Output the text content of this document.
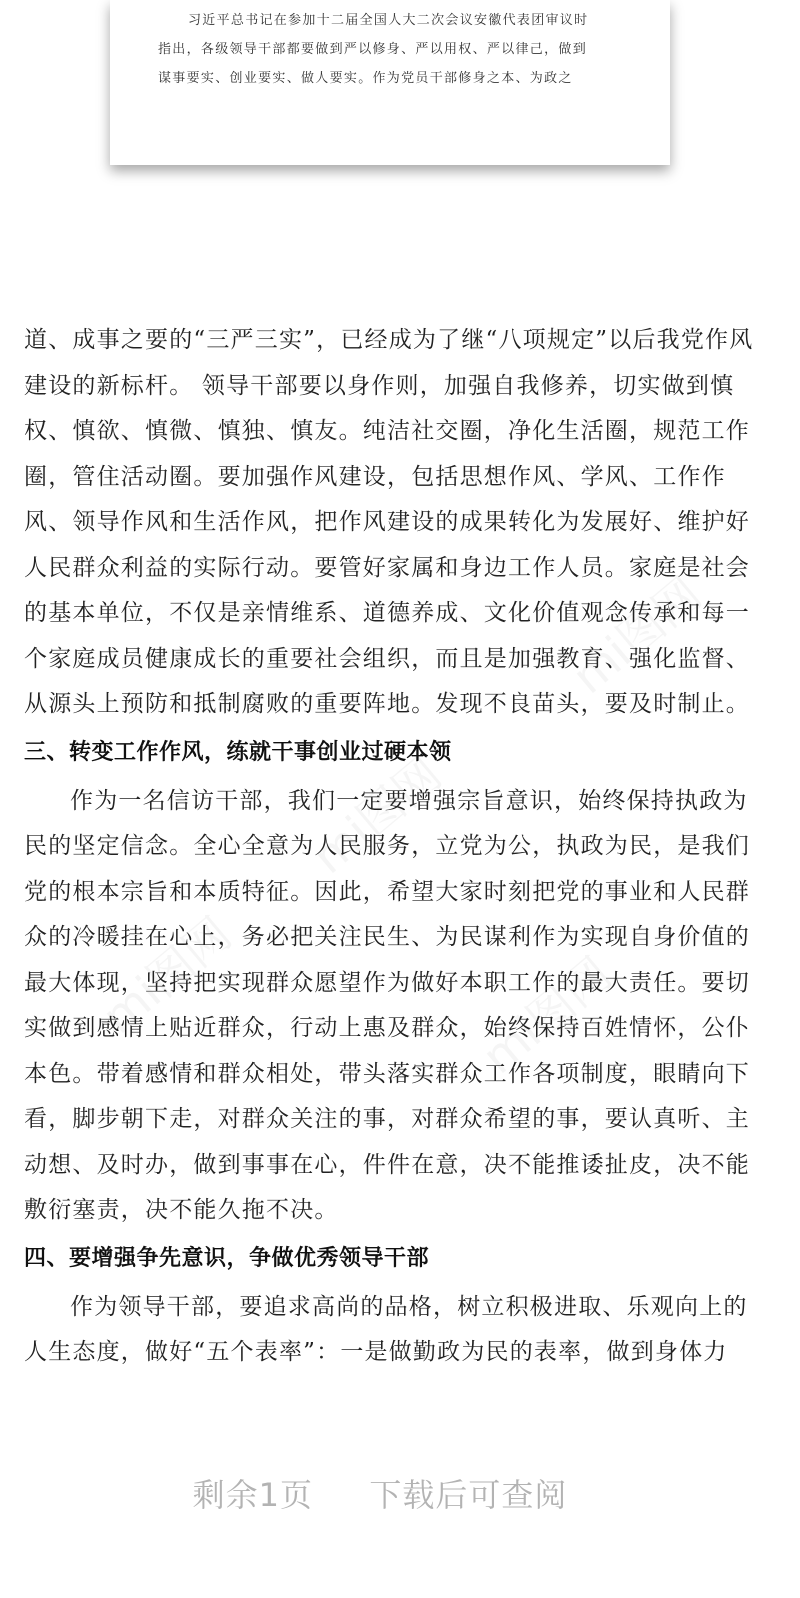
mi图网
mi图网
mi图网	mi图网

习近平总书记在参加十二届全国人大二次会议安徽代表团审议时

指出，各级领导干部都要做到严以修身、严以用权、严以律己，做到

谋事要实、创业要实、做人要实。作为党员干部修身之本、为政之

道、成事之要的“三严三实”，已经成为了继“八项规定”以后我党作风

建设的新标杆。 领导干部要以身作则，加强自我修养，切实做到慎

权、慎欲、慎微、慎独、慎友。纯洁社交圈，净化生活圈，规范工作

圈，管住活动圈。要加强作风建设，包括思想作风、学风、工作作

风、领导作风和生活作风，把作风建设的成果转化为发展好、维护好

人民群众利益的实际行动。要管好家属和身边工作人员。家庭是社会

的基本单位，不仅是亲情维系、道德养成、文化价值观念传承和每一

个家庭成员健康成长的重要社会组织，而且是加强教育、强化监督、

从源头上预防和抵制腐败的重要阵地。发现不良苗头，要及时制止。

三、转变工作作风，练就干事创业过硬本领

作为一名信访干部，我们一定要增强宗旨意识，始终保持执政为

民的坚定信念。全心全意为人民服务，立党为公，执政为民，是我们

党的根本宗旨和本质特征。因此，希望大家时刻把党的事业和人民群

众的冷暖挂在心上，务必把关注民生、为民谋利作为实现自身价值的

最大体现，坚持把实现群众愿望作为做好本职工作的最大责任。要切

实做到感情上贴近群众，行动上惠及群众，始终保持百姓情怀，公仆

本色。带着感情和群众相处，带头落实群众工作各项制度，眼睛向下

看，脚步朝下走，对群众关注的事，对群众希望的事，要认真听、主

动想、及时办，做到事事在心，件件在意，决不能推诿扯皮，决不能

敷衍塞责，决不能久拖不决。

四、要增强争先意识，争做优秀领导干部

作为领导干部，要追求高尚的品格，树立积极进取、乐观向上的

人生态度，做好“五个表率”：一是做勤政为民的表率，做到身体力

剩余1页 下载后可查阅
